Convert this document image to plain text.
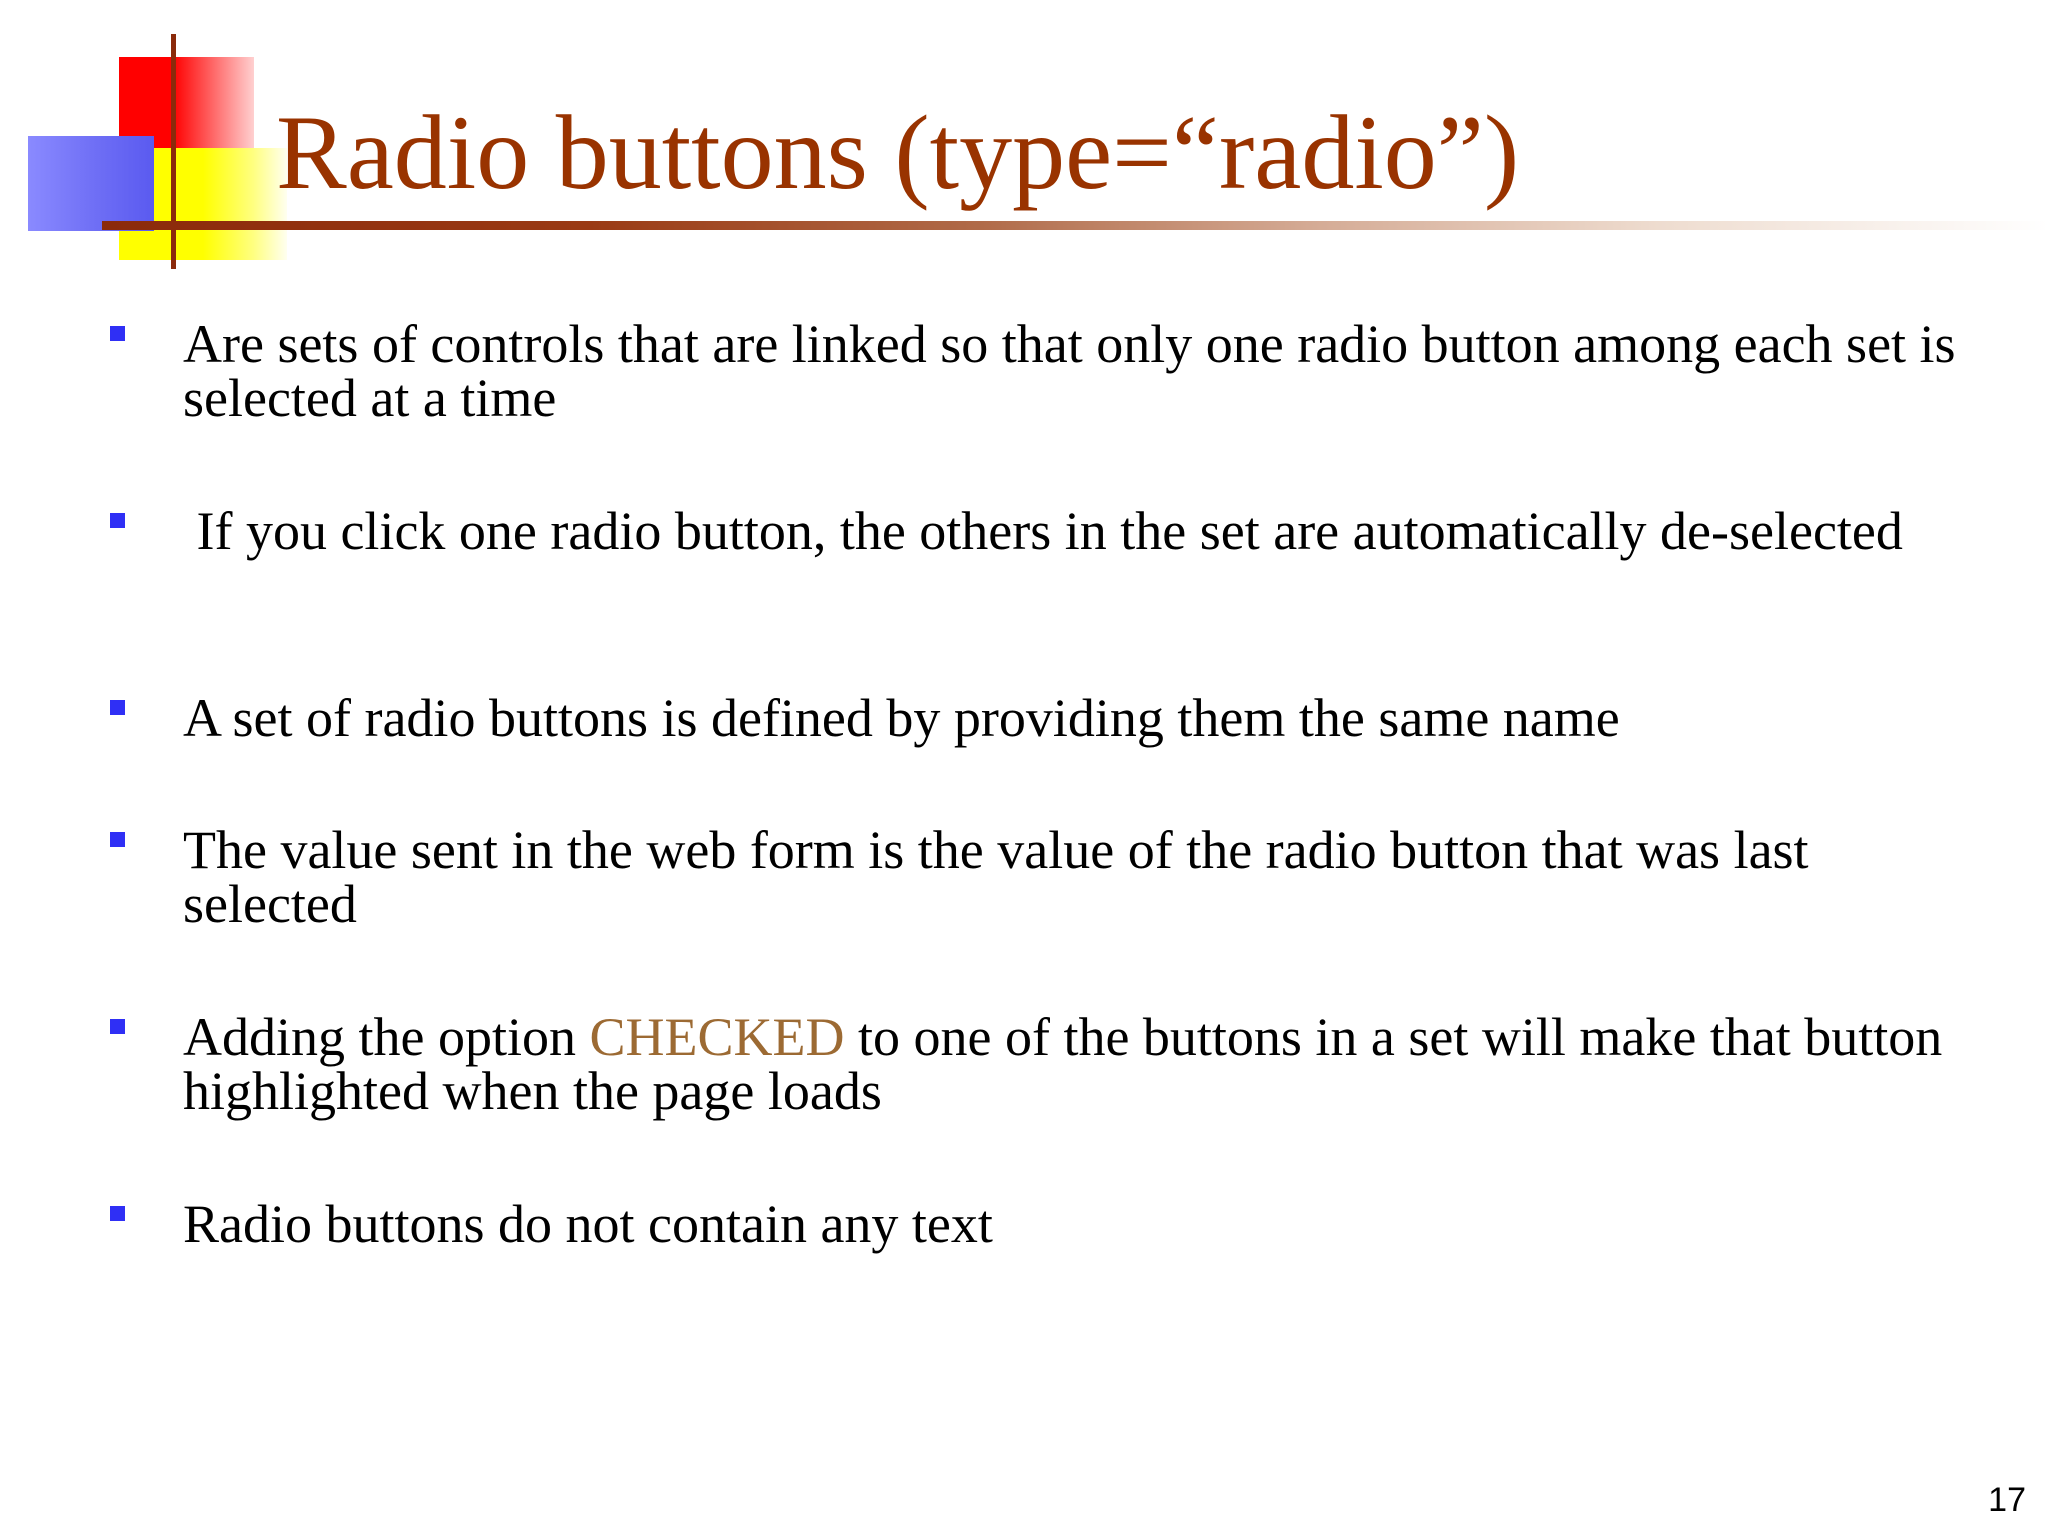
Radio buttons (type=“radio”)
Are sets of controls that are linked so that only one radio button among each set is selected at a time
If you click one radio button, the others in the set are automatically de-selected
A set of radio buttons is defined by providing them the same name
The value sent in the web form is the value of the radio button that was last selected
Adding the option CHECKED to one of the buttons in a set will make that button highlighted when the page loads
Radio buttons do not contain any text
17
